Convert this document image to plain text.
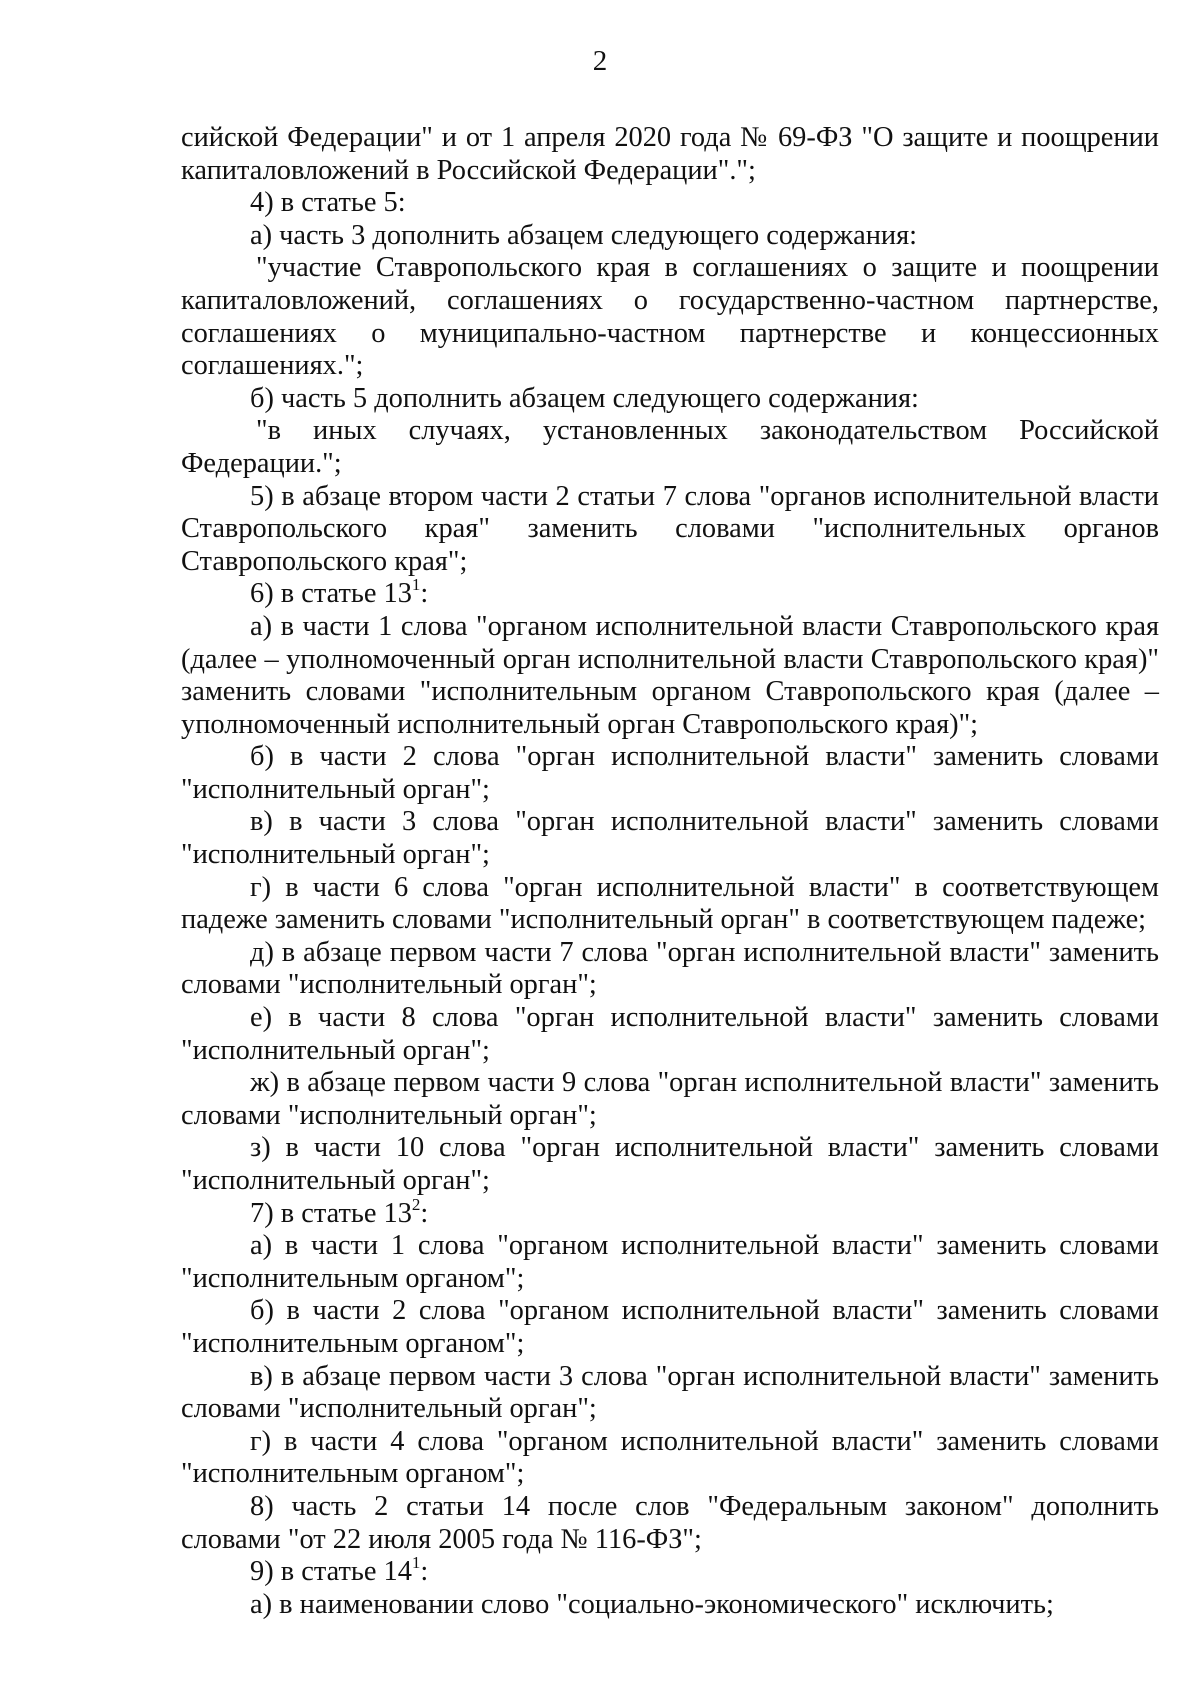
2

сийской Федерации" и от 1 апреля 2020 года № 69-ФЗ "О защите и поощрении капиталовложений в Российской Федерации".";

4) в статье 5:

а) часть 3 дополнить абзацем следующего содержания:

"участие Ставропольского края в соглашениях о защите и поощрении капиталовложений, соглашениях о государственно-частном партнерстве, соглашениях о муниципально-частном партнерстве и концессионных соглашениях.";

б) часть 5 дополнить абзацем следующего содержания:

"в иных случаях, установленных законодательством Российской Федерации.";

5) в абзаце втором части 2 статьи 7 слова "органов исполнительной власти Ставропольского края" заменить словами "исполнительных органов Ставропольского края";

6) в статье $13^1$:

а) в части 1 слова "органом исполнительной власти Ставропольского края (далее – уполномоченный орган исполнительной власти Ставропольского края)" заменить словами "исполнительным органом Ставропольского края (далее – уполномоченный исполнительный орган Ставропольского края)";

б) в части 2 слова "орган исполнительной власти" заменить словами "исполнительный орган";

в) в части 3 слова "орган исполнительной власти" заменить словами "исполнительный орган";

г) в части 6 слова "орган исполнительной власти" в соответствующем падеже заменить словами "исполнительный орган" в соответствующем падеже;

д) в абзаце первом части 7 слова "орган исполнительной власти" заменить словами "исполнительный орган";

е) в части 8 слова "орган исполнительной власти" заменить словами "исполнительный орган";

ж) в абзаце первом части 9 слова "орган исполнительной власти" заменить словами "исполнительный орган";

з) в части 10 слова "орган исполнительной власти" заменить словами "исполнительный орган";

7) в статье $13^2$:

а) в части 1 слова "органом исполнительной власти" заменить словами "исполнительным органом";

б) в части 2 слова "органом исполнительной власти" заменить словами "исполнительным органом";

в) в абзаце первом части 3 слова "орган исполнительной власти" заменить словами "исполнительный орган";

г) в части 4 слова "органом исполнительной власти" заменить словами "исполнительным органом";

8) часть 2 статьи 14 после слов "Федеральным законом" дополнить словами "от 22 июля 2005 года № 116-ФЗ";

9) в статье $14^1$:

а) в наименовании слово "социально-экономического" исключить;
